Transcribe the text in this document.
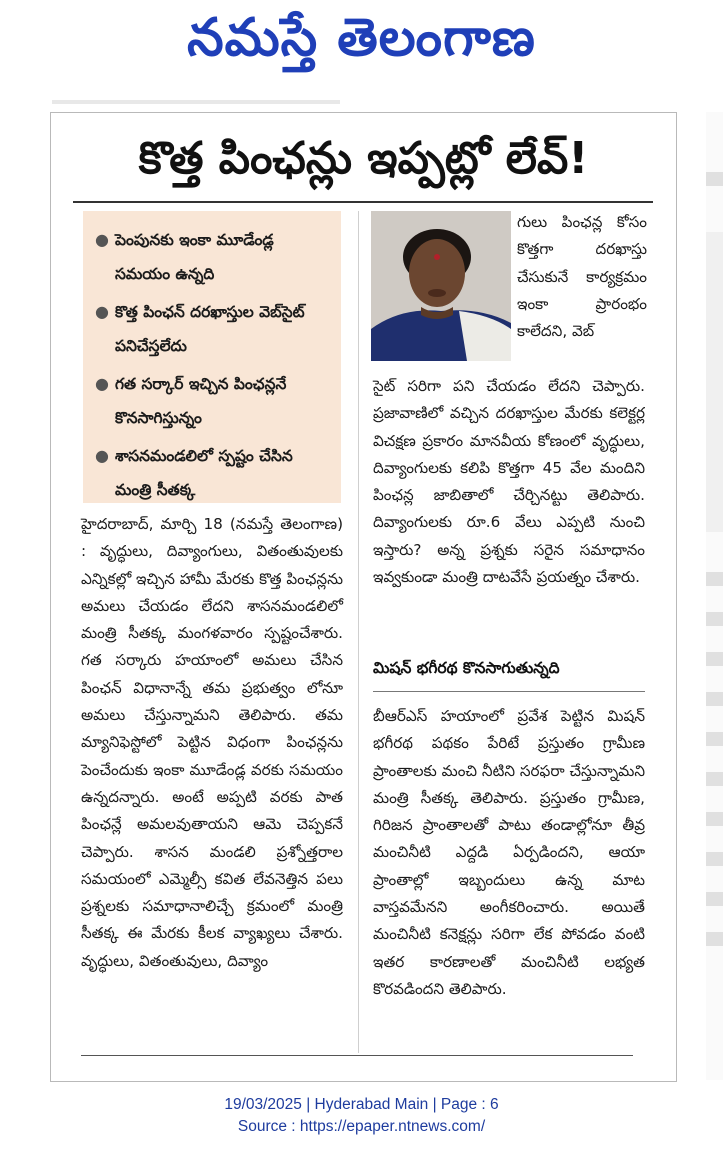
నమస్తే తెలంగాణ
కొత్త పింఛన్లు ఇప్పట్లో లేవ్!
● పెంపునకు ఇంకా మూడేండ్ల సమయం ఉన్నది
● కొత్త పింఛన్ దరఖాస్తుల వెబ్‌సైట్ పనిచేస్తలేదు
● గత సర్కార్ ఇచ్చిన పింఛన్లనే కొనసాగిస్తున్నం
● శాసనమండలిలో స్పష్టం చేసిన మంత్రి సీతక్క

హైదరాబాద్, మార్చి 18 (నమస్తే తెలంగాణ) : వృద్ధులు, దివ్యాంగులు, వితంతువులకు ఎన్నికల్లో ఇచ్చిన హామీ మేరకు కొత్త పింఛన్లను అమలు చేయడం లేదని శాసనమండలిలో మంత్రి సీతక్క మంగళవారం స్పష్టంచేశారు. గత సర్కారు హయాంలో అమలు చేసిన పింఛన్ విధానాన్నే తమ ప్రభుత్వం లోనూ అమలు చేస్తున్నామని తెలిపారు. తమ మ్యానిఫెస్టోలో పెట్టిన విధంగా పింఛన్లను పెంచేందుకు ఇంకా మూడేండ్ల వరకు సమయం ఉన్నదన్నారు. అంటే అప్పటి వరకు పాత పింఛన్లే అమలవుతాయని ఆమె చెప్పకనే చెప్పారు. శాసన మండలి ప్రశ్నోత్తరాల సమయంలో ఎమ్మెల్సీ కవిత లేవనెత్తిన పలు ప్రశ్నలకు సమాధానాలిచ్చే క్రమంలో మంత్రి సీతక్క ఈ మేరకు కీలక వ్యాఖ్యలు చేశారు. వృద్ధులు, వితంతువులు, దివ్యాం

గులు పింఛన్ల కోసం కొత్తగా దరఖాస్తు చేసుకునే కార్యక్రమం ఇంకా ప్రారంభం కాలేదని, వెబ్

సైట్ సరిగా పని చేయడం లేదని చెప్పారు. ప్రజావాణిలో వచ్చిన దరఖాస్తుల మేరకు కలెక్టర్ల విచక్షణ ప్రకారం మానవీయ కోణంలో వృద్ధులు, దివ్యాంగులకు కలిపి కొత్తగా 45 వేల మందిని పింఛన్ల జాబితాలో చేర్చినట్టు తెలిపారు. దివ్యాంగులకు రూ.6 వేలు ఎప్పటి నుంచి ఇస్తారు? అన్న ప్రశ్నకు సరైన సమాధానం ఇవ్వకుండా మంత్రి దాటవేసే ప్రయత్నం చేశారు.

మిషన్ భగీరథ కొనసాగుతున్నది

బీఆర్‌ఎస్ హయాంలో ప్రవేశ పెట్టిన మిషన్ భగీరథ పథకం పేరిటే ప్రస్తుతం గ్రామీణ ప్రాంతాలకు మంచి నీటిని సరఫరా చేస్తున్నామని మంత్రి సీతక్క తెలిపారు. ప్రస్తుతం గ్రామీణ, గిరిజన ప్రాంతాలతో పాటు తండాల్లోనూ తీవ్ర మంచినీటి ఎద్దడి ఏర్పడిందని, ఆయా ప్రాంతాల్లో ఇబ్బందులు ఉన్న మాట వాస్తవమేనని అంగీకరించారు. అయితే మంచినీటి కనెక్షన్లు సరిగా లేక పోవడం వంటి ఇతర కారణాలతో మంచినీటి లభ్యత కొరవడిందని తెలిపారు.

19/03/2025 | Hyderabad Main | Page : 6
Source : https://epaper.ntnews.com/
